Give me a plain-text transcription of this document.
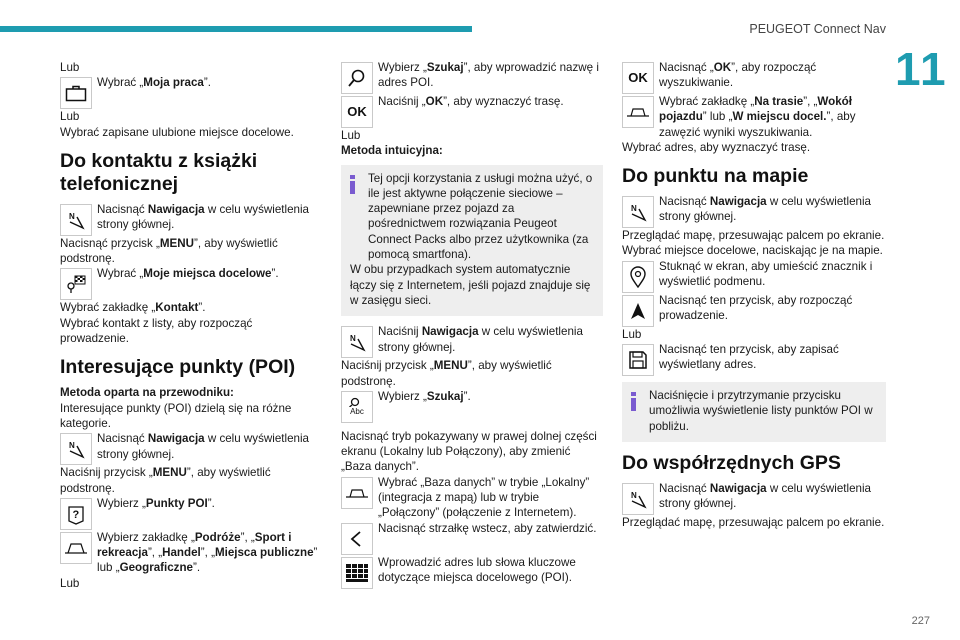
PEUGEOT Connect Nav
11
227

Lub

Wybrać „Moja praca”.

Lub

Wybrać zapisane ulubione miejsce docelowe.

Do kontaktu z książki telefonicznej
N

Nacisnąć Nawigacja w celu wyświetlenia strony głównej.

Nacisnąć przycisk „MENU”, aby wyświetlić podstronę.

Wybrać „Moje miejsca docelowe”.

Wybrać zakładkę „Kontakt”.

Wybrać kontakt z listy, aby rozpocząć prowadzenie.

Interesujące punkty (POI)

Metoda oparta na przewodniku:

Interesujące punkty (POI) dzielą się na różne kategorie.

N

Nacisnąć Nawigacja w celu wyświetlenia strony głównej.

Naciśnij przycisk „MENU”, aby wyświetlić podstronę.

?

Wybierz „Punkty POI”.

Wybierz zakładkę „Podróże”, „Sport i rekreacja”, „Handel”, „Miejsca publiczne” lub „Geograficzne”.

Lub

Wybierz „Szukaj”, aby wprowadzić nazwę i adres POI.

OK

Naciśnij „OK”, aby wyznaczyć trasę.

Lub

Metoda intuicyjna:

Tej opcji korzystania z usługi można użyć, o ile jest aktywne połączenie sieciowe – zapewniane przez pojazd za pośrednictwem rozwiązania Peugeot Connect Packs albo przez użytkownika (za pomocą smartfona).

W obu przypadkach system automatycznie łączy się z Internetem, jeśli pojazd znajduje się w zasięgu sieci.

N

Naciśnij Nawigacja w celu wyświetlenia strony głównej.

Naciśnij przycisk „MENU”, aby wyświetlić podstronę.

Abc

Wybierz „Szukaj”.

Nacisnąć tryb pokazywany w prawej dolnej części ekranu (Lokalny lub Połączony), aby zmienić „Baza danych”.

Wybrać „Baza danych” w trybie „Lokalny” (integracja z mapą) lub w trybie „Połączony” (połączenie z Internetem).

Nacisnąć strzałkę wstecz, aby zatwierdzić.

Wprowadzić adres lub słowa kluczowe dotyczące miejsca docelowego (POI).

OK

Nacisnąć „OK”, aby rozpocząć wyszukiwanie.

Wybrać zakładkę „Na trasie”, „Wokół pojazdu” lub „W miejscu docel.”, aby zawęzić wyniki wyszukiwania.

Wybrać adres, aby wyznaczyć trasę.

Do punktu na mapie
N

Nacisnąć Nawigacja w celu wyświetlenia strony głównej.

Przeglądać mapę, przesuwając palcem po ekranie.

Wybrać miejsce docelowe, naciskając je na mapie.

Stuknąć w ekran, aby umieścić znacznik i wyświetlić podmenu.

Nacisnąć ten przycisk, aby rozpocząć prowadzenie.

Lub

Nacisnąć ten przycisk, aby zapisać wyświetlany adres.

Naciśnięcie i przytrzymanie przycisku umożliwia wyświetlenie listy punktów POI w pobliżu.

Do współrzędnych GPS
N

Nacisnąć Nawigacja w celu wyświetlenia strony głównej.

Przeglądać mapę, przesuwając palcem po ekranie.
